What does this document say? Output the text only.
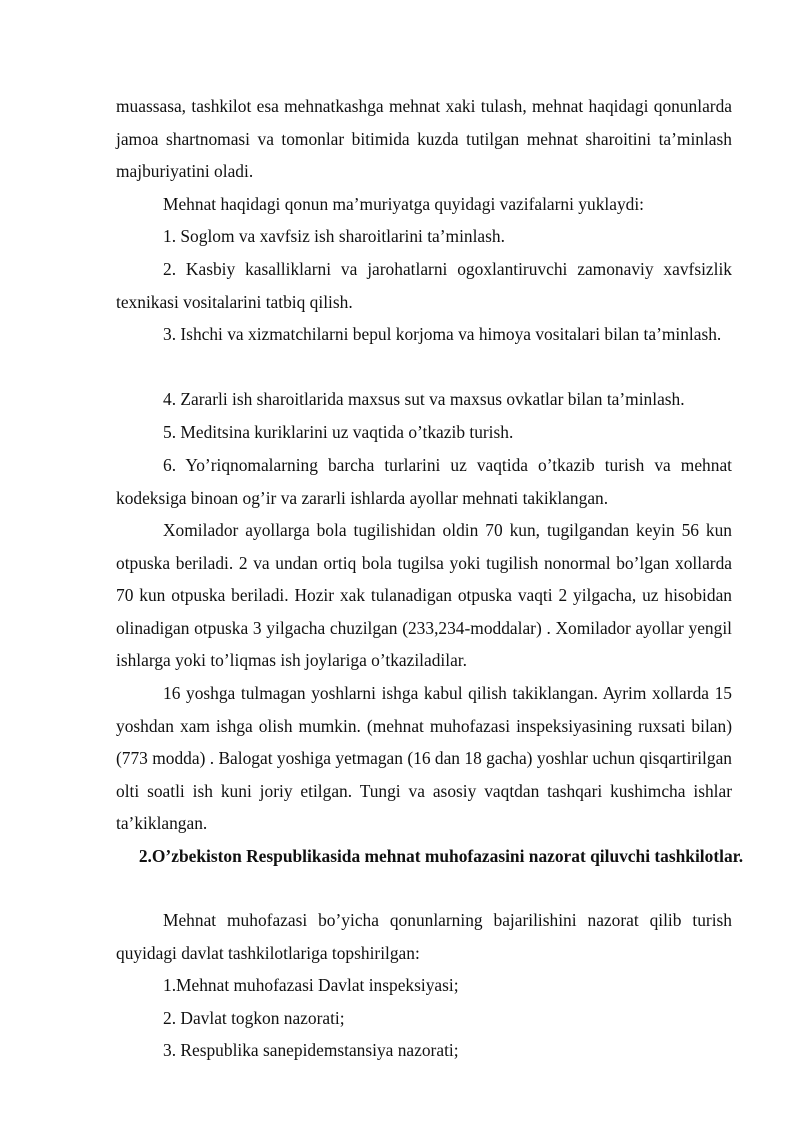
muassasa, tashkilot esa mehnatkashga mehnat xaki tulash, mehnat haqidagi qonunlarda jamoa shartnomasi va tomonlar bitimida kuzda tutilgan mehnat sharoitini ta’minlash majburiyatini oladi.

Mehnat haqidagi qonun ma’muriyatga quyidagi vazifalarni yuklaydi:

1. Soglom va xavfsiz ish sharoitlarini ta’minlash.

2. Kasbiy kasalliklarni va jarohatlarni ogoxlantiruvchi zamonaviy xavfsizlik texnikasi vositalarini tatbiq qilish.

3. Ishchi va xizmatchilarni bepul korjoma va himoya vositalari bilan ta’minlash.

4. Zararli ish sharoitlarida maxsus sut va maxsus ovkatlar bilan ta’minlash.

5. Meditsina kuriklarini uz vaqtida o’tkazib turish.

6. Yo’riqnomalarning barcha turlarini uz vaqtida o’tkazib turish va mehnat kodeksiga binoan og’ir va zararli ishlarda ayollar mehnati takiklangan.

Xomilador ayollarga bola tugilishidan oldin 70 kun, tugilgandan keyin 56 kun otpuska beriladi. 2 va undan ortiq bola tugilsa yoki tugilish nonormal bo’lgan xollarda 70 kun otpuska beriladi. Hozir xak tulanadigan otpuska vaqti 2 yilgacha, uz hisobidan olinadigan otpuska 3 yilgacha chuzilgan (233,234-moddalar) . Xomilador ayollar yengil ishlarga yoki to’liqmas ish joylariga o’tkaziladilar.

16 yoshga tulmagan yoshlarni ishga kabul qilish takiklangan. Ayrim xollarda 15 yoshdan xam ishga olish mumkin. (mehnat muhofazasi inspeksiyasining ruxsati bilan) (773 modda) . Balogat yoshiga yetmagan (16 dan 18 gacha) yoshlar uchun qisqartirilgan olti soatli ish kuni joriy etilgan. Tungi va asosiy vaqtdan tashqari kushimcha ishlar ta’kiklangan.

2.O’zbekiston Respublikasida mehnat muhofazasini nazorat qiluvchi tashkilotlar.

Mehnat muhofazasi bo’yicha qonunlarning bajarilishini nazorat qilib turish quyidagi davlat tashkilotlariga topshirilgan:

1.Mehnat muhofazasi Davlat inspeksiyasi;

2. Davlat togkon nazorati;

3. Respublika sanepidemstansiya nazorati;
